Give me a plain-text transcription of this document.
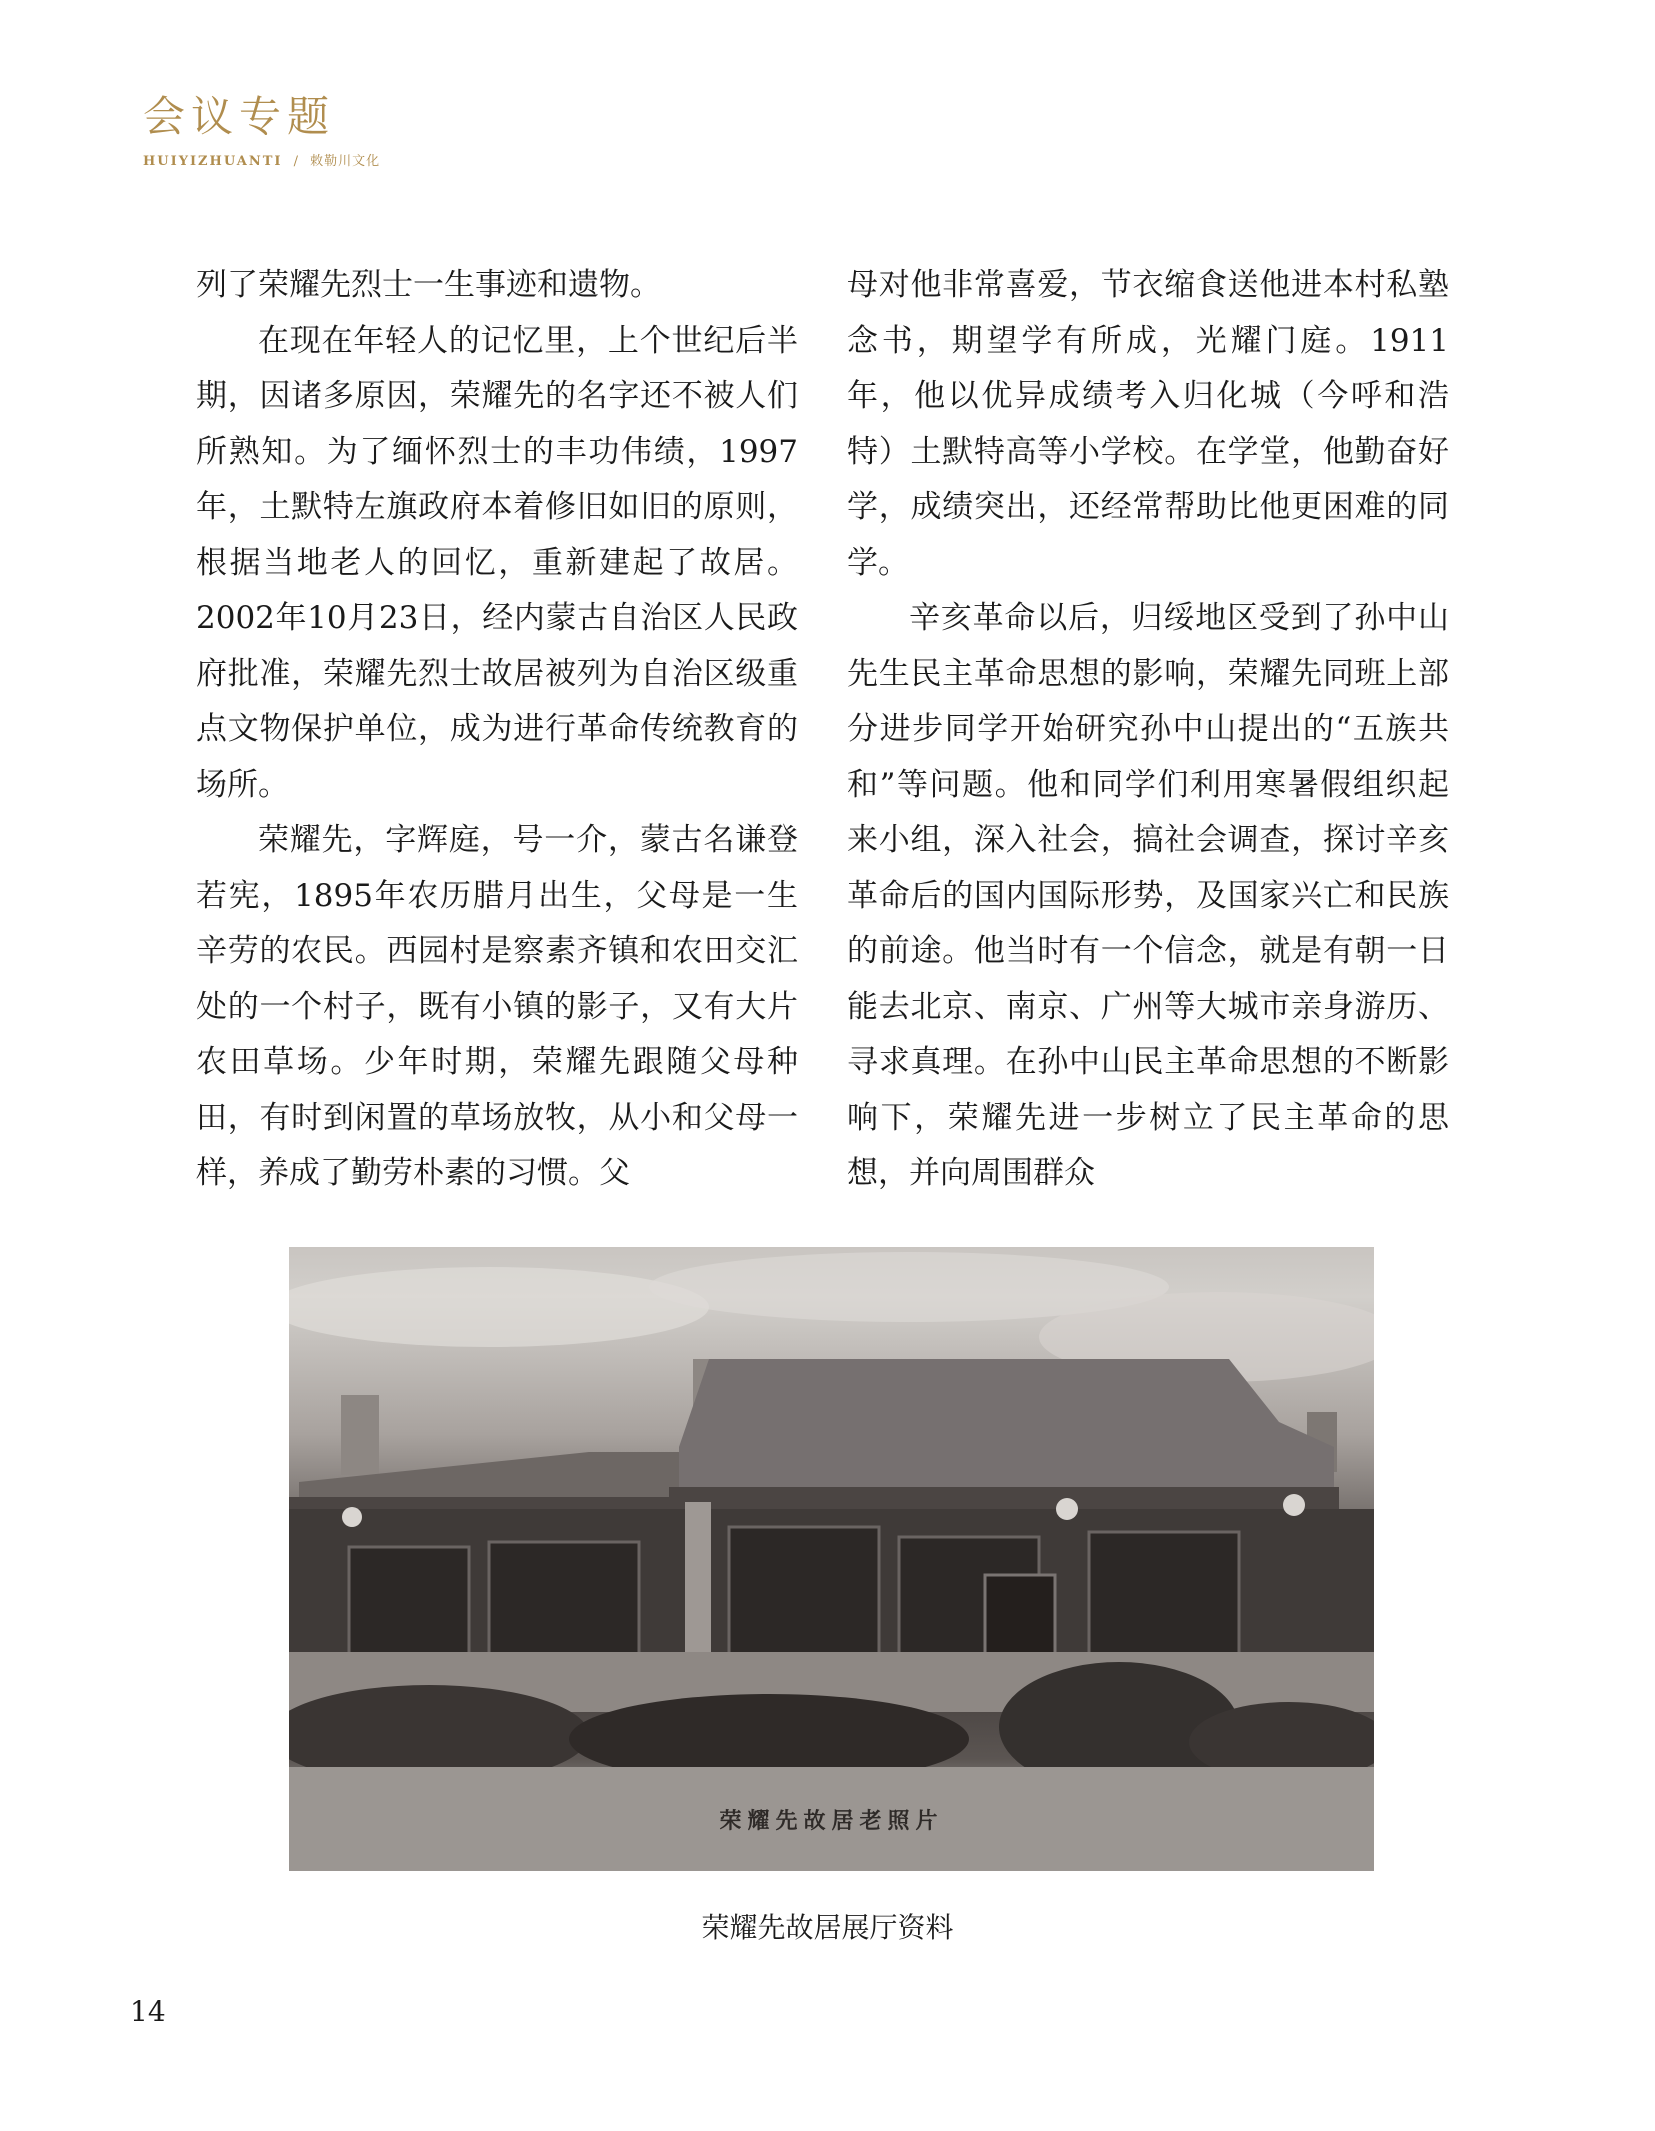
会议专题
HUIYIZHUANTI / 敕勒川文化

列了荣耀先烈士一生事迹和遗物。

在现在年轻人的记忆里，上个世纪后半期，因诸多原因，荣耀先的名字还不被人们所熟知。为了缅怀烈士的丰功伟绩，1997年，土默特左旗政府本着修旧如旧的原则，根据当地老人的回忆，重新建起了故居。2002年10月23日，经内蒙古自治区人民政府批准，荣耀先烈士故居被列为自治区级重点文物保护单位，成为进行革命传统教育的场所。

荣耀先，字辉庭，号一介，蒙古名谦登若宪，1895年农历腊月出生，父母是一生辛劳的农民。西园村是察素齐镇和农田交汇处的一个村子，既有小镇的影子，又有大片农田草场。少年时期，荣耀先跟随父母种田，有时到闲置的草场放牧，从小和父母一样，养成了勤劳朴素的习惯。父

母对他非常喜爱，节衣缩食送他进本村私塾念书，期望学有所成，光耀门庭。1911年，他以优异成绩考入归化城（今呼和浩特）土默特高等小学校。在学堂，他勤奋好学，成绩突出，还经常帮助比他更困难的同学。

辛亥革命以后，归绥地区受到了孙中山先生民主革命思想的影响，荣耀先同班上部分进步同学开始研究孙中山提出的“五族共和”等问题。他和同学们利用寒暑假组织起来小组，深入社会，搞社会调查，探讨辛亥革命后的国内国际形势，及国家兴亡和民族的前途。他当时有一个信念，就是有朝一日能去北京、南京、广州等大城市亲身游历、寻求真理。在孙中山民主革命思想的不断影响下，荣耀先进一步树立了民主革命的思想，并向周围群众

荣耀先故居老照片
荣耀先故居展厅资料
14
